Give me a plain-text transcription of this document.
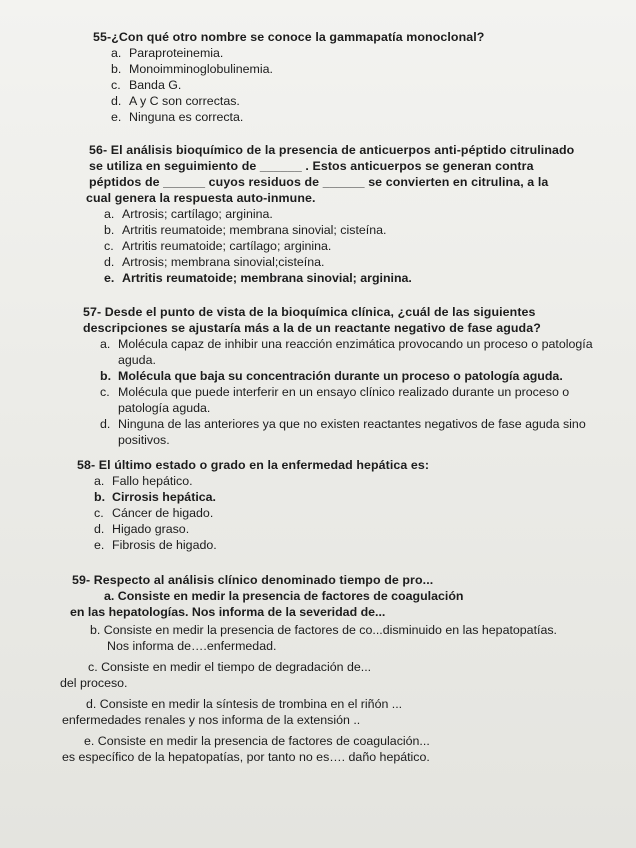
55-¿Con qué otro nombre se conoce la gammapatía monoclonal?
a. Paraproteinemia.
b. Monoimminoglobulinemia.
c. Banda G.
d. A y C son correctas.
e. Ninguna es correcta.
56- El análisis bioquímico de la presencia de anticuerpos anti-péptido citrulinado
se utiliza en seguimiento de ______ . Estos anticuerpos se generan contra
péptidos de ______ cuyos residuos de ______ se convierten en citrulina, a la
cual genera la respuesta auto-inmune.
a. Artrosis; cartílago; arginina.
b. Artritis reumatoide; membrana sinovial; cisteína.
c. Artritis reumatoide; cartílago; arginina.
d. Artrosis; membrana sinovial;cisteína.
e. Artritis reumatoide; membrana sinovial; arginina.
57- Desde el punto de vista de la bioquímica clínica, ¿cuál de las siguientes
descripciones se ajustaría más a la de un reactante negativo de fase aguda?
a. Molécula capaz de inhibir una reacción enzimática provocando un proceso o patología
aguda.
b. Molécula que baja su concentración durante un proceso o patología aguda.
c. Molécula que puede interferir en un ensayo clínico realizado durante un proceso o
patología aguda.
d. Ninguna de las anteriores ya que no existen reactantes negativos de fase aguda sino
positivos.
58- El último estado o grado en la enfermedad hepática es:
a. Fallo hepático.
b. Cirrosis hepática.
c. Cáncer de higado.
d. Higado graso.
e. Fibrosis de higado.
59- Respecto al análisis clínico denominado tiempo de pro...
a. Consiste en medir la presencia de factores de coagulación
en las hepatologías. Nos informa de la severidad de...
b. Consiste en medir la presencia de factores de co...disminuido en las hepatopatías.
Nos informa de….enfermedad.
c. Consiste en medir el tiempo de degradación de...
del proceso.
d. Consiste en medir la síntesis de trombina en el riñón ...
enfermedades renales y nos informa de la extensión ..
e. Consiste en medir la presencia de factores de coagulación...
es específico de la hepatopatías, por tanto no es…. daño hepático.
